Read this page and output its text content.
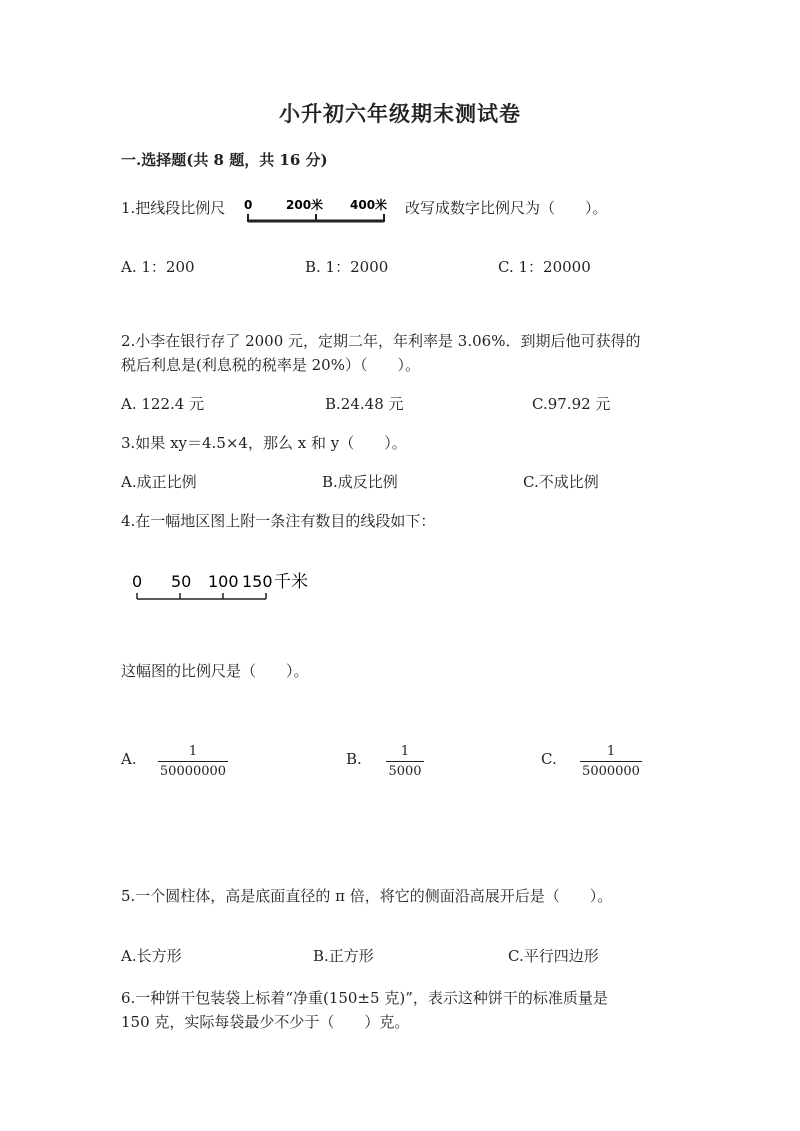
小升初六年级期末测试卷
一.选择题(共 8 题，共 16 分)
1.把线段比例尺 0	200米 400米 改写成数字比例尺为（　　）。
A. 1：200	B. 1：2000	C. 1：20000
2.小李在银行存了 2000 元，定期二年，年利率是 3.06%．到期后他可获得的
税后利息是(利息税的税率是 20%）（　　）。
A. 122.4 元	B.24.48 元	C.97.92 元
3.如果 xy＝4.5×4，那么 x 和 y（　　）。
A.成正比例	B.成反比例	C.不成比例
4.在一幅地区图上附一条注有数目的线段如下：
0 50 100 150 千米
这幅图的比例尺是（　　）。
A.	1
50000000
B.	1
5000
C.	1
5000000
5.一个圆柱体，高是底面直径的 π 倍，将它的侧面沿高展开后是（　　）。
A.长方形	B.正方形	C.平行四边形
6.一种饼干包装袋上标着“净重(150±5 克)”，表示这种饼干的标准质量是
150 克，实际每袋最少不少于（　　）克。
